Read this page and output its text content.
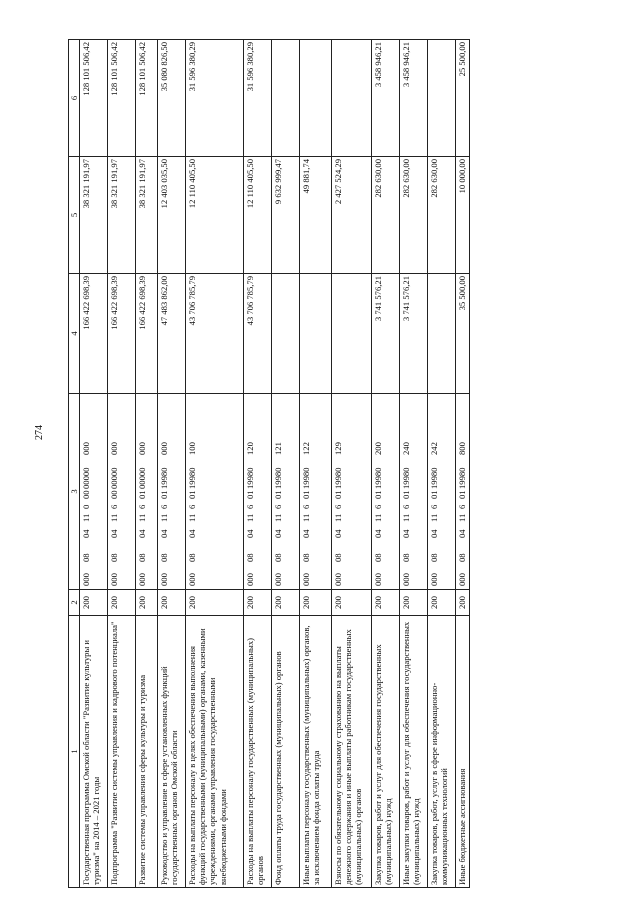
274
1	2	3	4	5	6
Государственная программа Омской области "Развитие культуры и туризма" на 2014 – 2021 годы	200	00008041100000000000	166 422 698,39	38 321 191,97	128 101 506,42
Подпрограмма "Развитие системы управления и кадрового потенциала"	200	00008041160000000000	166 422 698,39	38 321 191,97	128 101 506,42
Развитие системы управления сферы культуры и туризма	200	00008041160100000000	166 422 698,39	38 321 191,97	128 101 506,42
Руководство и управление в сфере установленных функций государственных органов Омской области	200	00008041160119980000	47 483 862,00	12 403 035,50	35 080 826,50
Расходы на выплаты персоналу в целях обеспечения выполнения функций государственными (муниципальными) органами, казенными учреждениями, органами управления государственными внебюджетными фондами	200	00008041160119980100	43 706 785,79	12 110 405,50	31 596 380,29
Расходы на выплаты персоналу государственных (муниципальных) органов	200	00008041160119980120	43 706 785,79	12 110 405,50	31 596 380,29
Фонд оплаты труда государственных (муниципальных) органов	200	00008041160119980121		9 632 999,47	
Иные выплаты персоналу государственных (муниципальных) органов, за исключением фонда оплаты труда	200	00008041160119980122		49 881,74	
Взносы по обязательному социальному страхованию на выплаты денежного содержания и иные выплаты работникам государственных (муниципальных) органов	200	00008041160119980129		2 427 524,29	
Закупка товаров, работ и услуг для обеспечения государственных (муниципальных) нужд	200	00008041160119980200	3 741 576,21	282 630,00	3 458 946,21
Иные закупки товаров, работ и услуг для обеспечения государственных (муниципальных) нужд	200	00008041160119980240	3 741 576,21	282 630,00	3 458 946,21
Закупка товаров, работ, услуг в сфере информационно-коммуникационных технологий	200	00008041160119980242		282 630,00	
Иные бюджетные ассигнования	200	00008041160119980800	35 500,00	10 000,00	25 500,00
